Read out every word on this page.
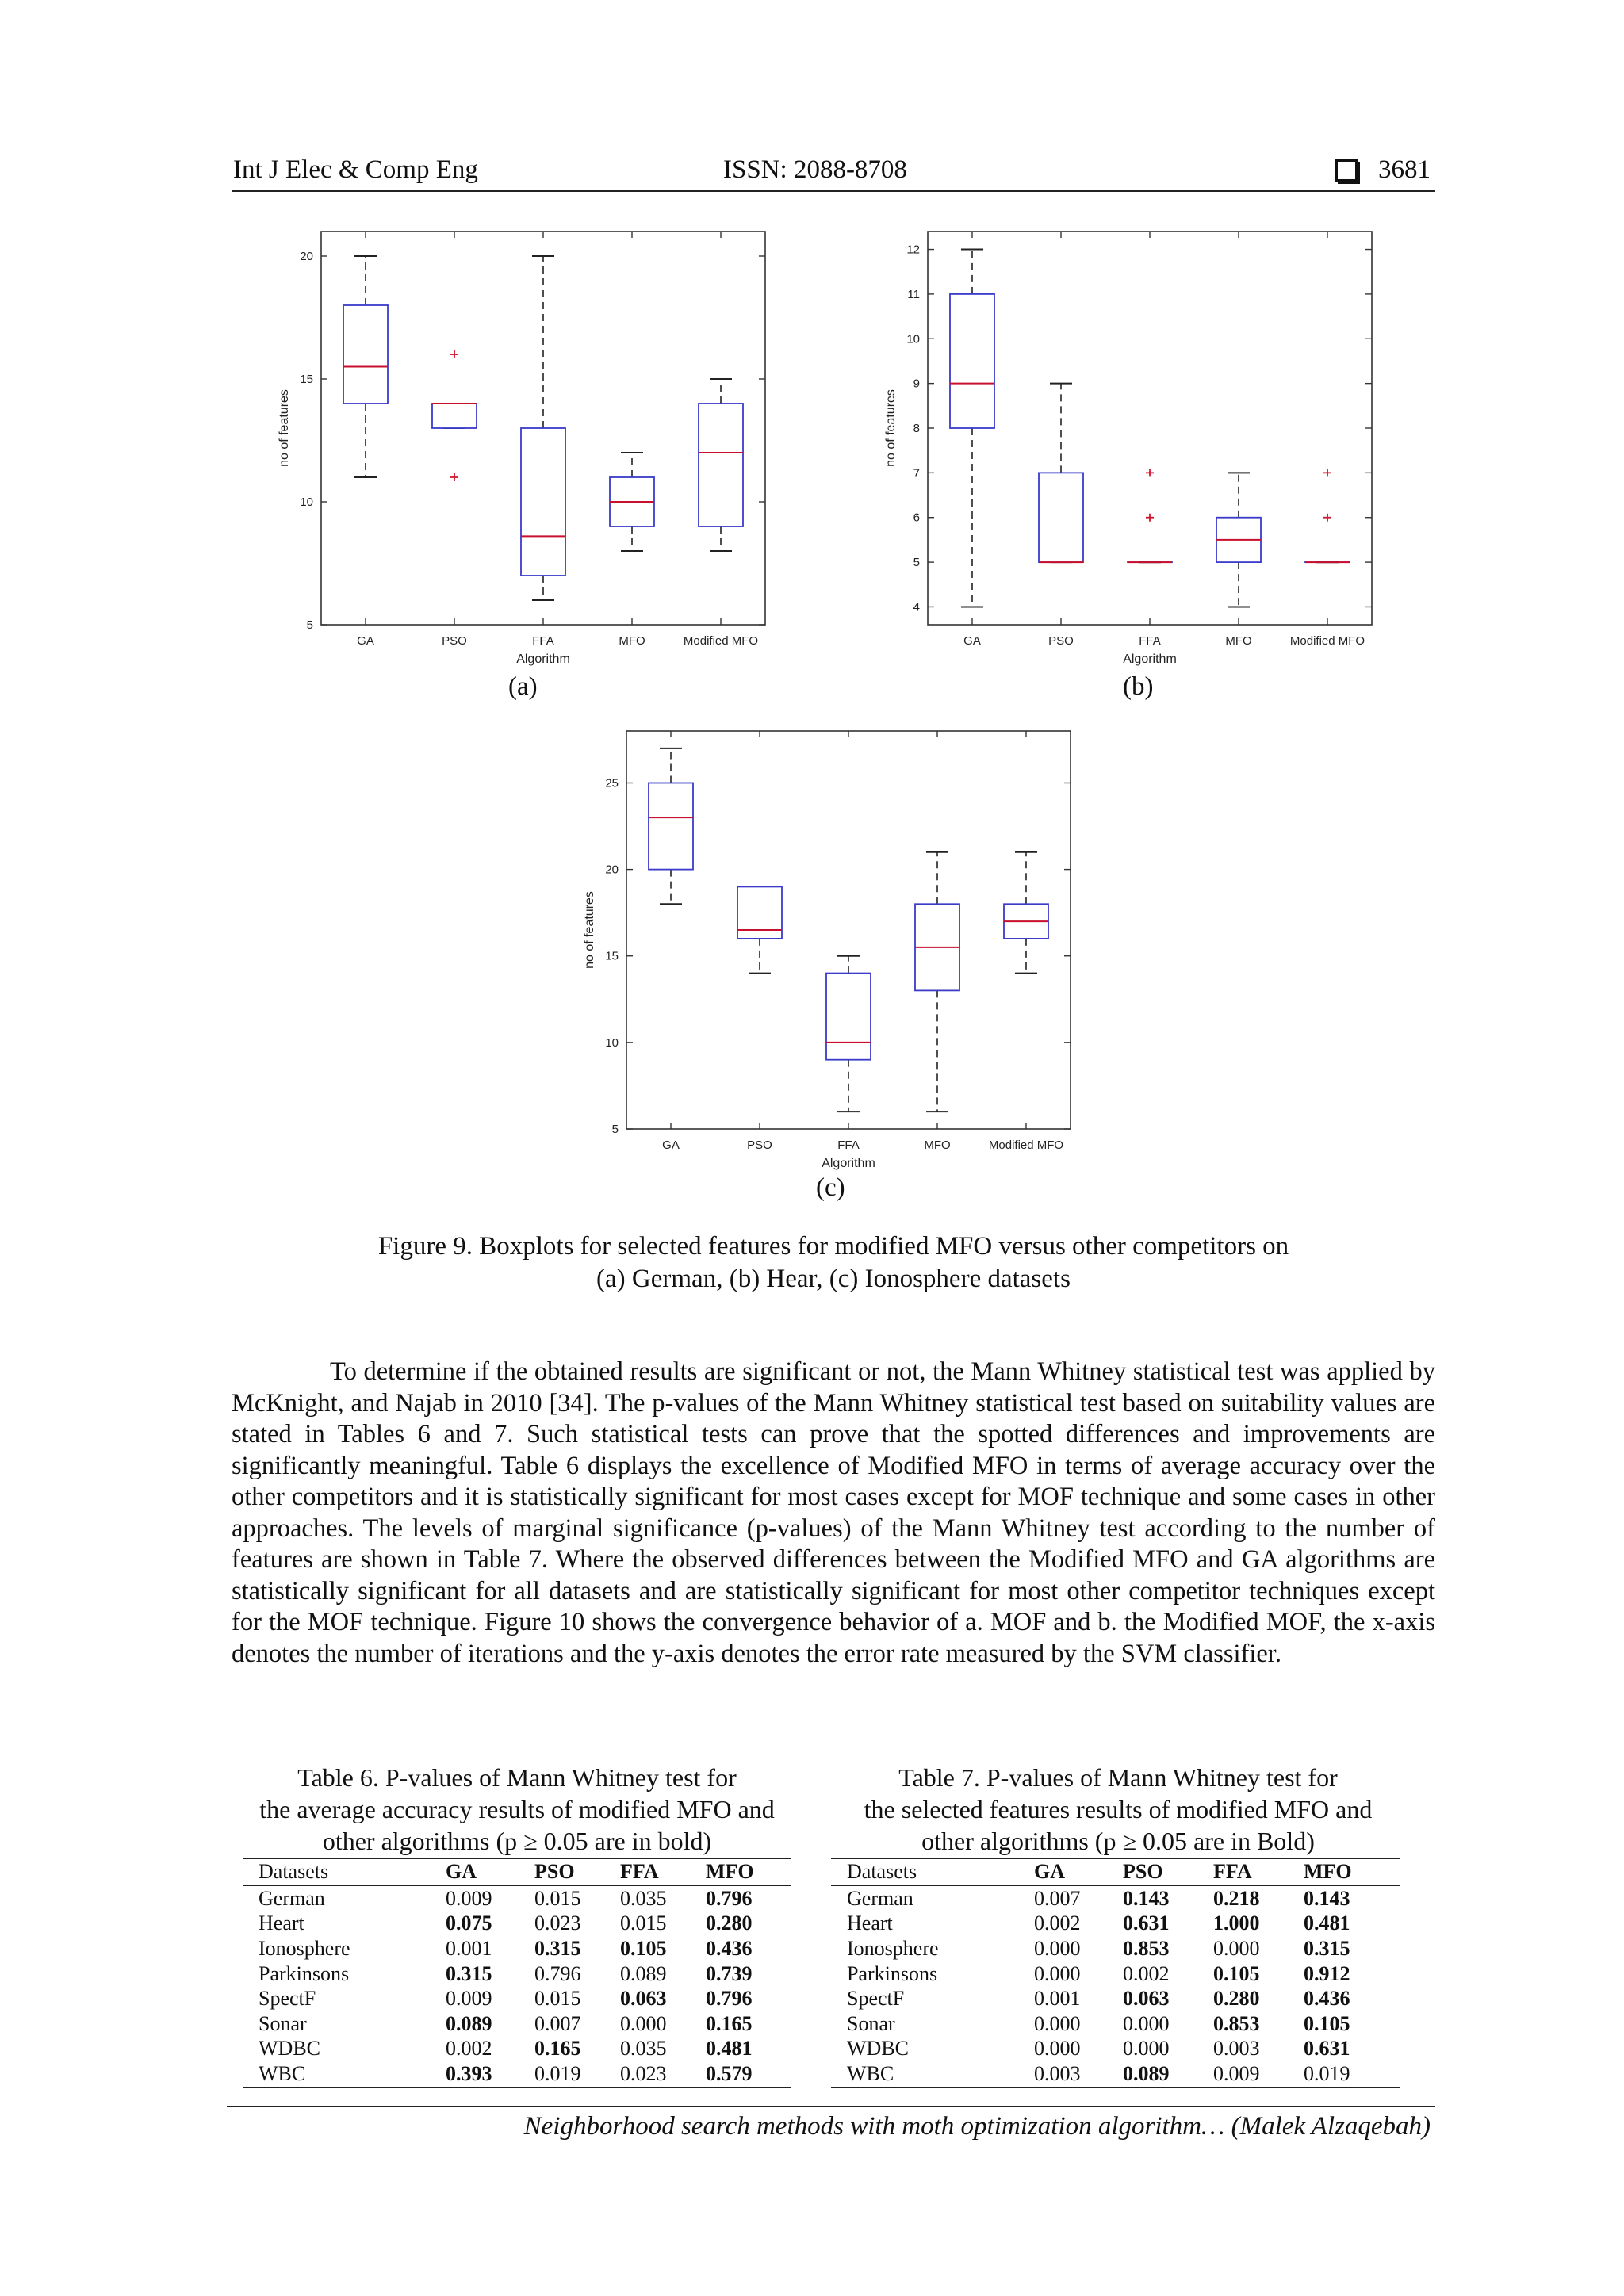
Int J Elec & Comp Eng	ISSN: 2088-8708	3681
5
10
15
20
GA	PSO	FFA	MFO	Modified MFO
Algorithm
no of features
(a)
4
5
6
7
8
9
10
11
12
GA	PSO	FFA	MFO	Modified MFO
Algorithm
no of features
(b)
5
10
15
20
25
GA	PSO	FFA	MFO	Modified MFO
Algorithm
no of features
(c)
Figure 9. Boxplots for selected features for modified MFO versus other competitors on
(a) German, (b) Hear, (c) Ionosphere datasets

To determine if the obtained results are significant or not, the Mann Whitney statistical test was applied by McKnight, and Najab in 2010 [34]. The p-values of the Mann Whitney statistical test based on suitability values are stated in Tables 6 and 7. Such statistical tests can prove that the spotted differences and improvements are significantly meaningful. Table 6 displays the excellence of Modified MFO in terms of average accuracy over the other competitors and it is statistically significant for most cases except for MOF technique and some cases in other approaches. The levels of marginal significance (p-values) of the Mann Whitney test according to the number of features are shown in Table 7. Where the observed differences between the Modified MFO and GA algorithms are statistically significant for all datasets and are statistically significant for most other competitor techniques except for the MOF technique. Figure 10 shows the convergence behavior of a. MOF and b. the Modified MOF, the x-axis denotes the number of iterations and the y-axis denotes the error rate measured by the SVM classifier.

Table 6. P-values of Mann Whitney test for
the average accuracy results of modified MFO and
other algorithms (p ≥ 0.05 are in bold)
Table 7. P-values of Mann Whitney test for
the selected features results of modified MFO and
other algorithms (p ≥ 0.05 are in Bold)
Datasets	GA	PSO	FFA	MFO
German	0.009	0.015	0.035	0.796
Heart	0.075	0.023	0.015	0.280
Ionosphere	0.001	0.315	0.105	0.436
Parkinsons	0.315	0.796	0.089	0.739
SpectF	0.009	0.015	0.063	0.796
Sonar	0.089	0.007	0.000	0.165
WDBC	0.002	0.165	0.035	0.481
WBC	0.393	0.019	0.023	0.579
Datasets	GA	PSO	FFA	MFO
German	0.007	0.143	0.218	0.143
Heart	0.002	0.631	1.000	0.481
Ionosphere	0.000	0.853	0.000	0.315
Parkinsons	0.000	0.002	0.105	0.912
SpectF	0.001	0.063	0.280	0.436
Sonar	0.000	0.000	0.853	0.105
WDBC	0.000	0.000	0.003	0.631
WBC	0.003	0.089	0.009	0.019
Neighborhood search methods with moth optimization algorithm… (Malek Alzaqebah)
